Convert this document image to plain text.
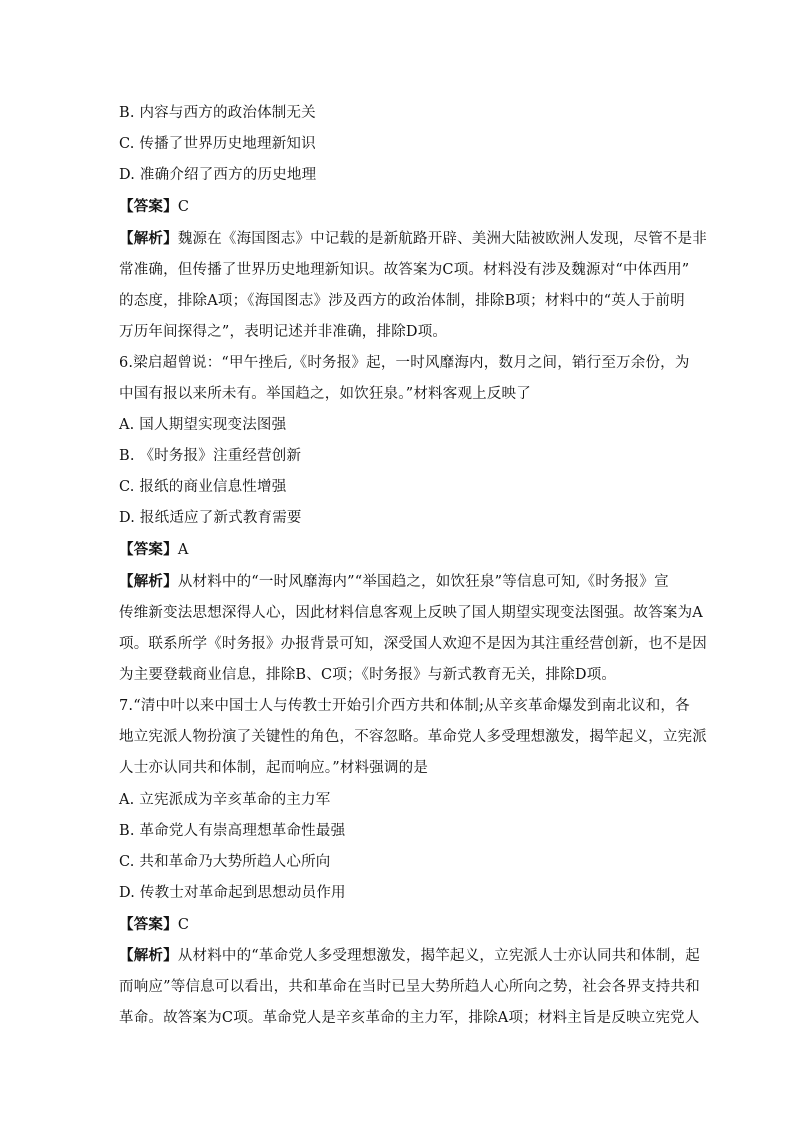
B. 内容与西方的政治体制无关
C. 传播了世界历史地理新知识
D. 准确介绍了西方的历史地理
【答案】C
【解析】魏源在《海国图志》中记载的是新航路开辟、美洲大陆被欧洲人发现，尽管不是非
常准确，但传播了世界历史地理新知识。故答案为C项。材料没有涉及魏源对“中体西用”
的态度，排除A项；《海国图志》涉及西方的政治体制，排除B项；材料中的“英人于前明
万历年间探得之”，表明记述并非准确，排除D项。
6.梁启超曾说：“甲午挫后,《时务报》起，一时风靡海内，数月之间，销行至万余份，为
中国有报以来所未有。举国趋之，如饮狂泉。”材料客观上反映了
A. 国人期望实现变法图强
B. 《时务报》注重经营创新
C. 报纸的商业信息性增强
D. 报纸适应了新式教育需要
【答案】A
【解析】从材料中的“一时风靡海内”“举国趋之，如饮狂泉”等信息可知,《时务报》宣
传维新变法思想深得人心，因此材料信息客观上反映了国人期望实现变法图强。故答案为A
项。联系所学《时务报》办报背景可知，深受国人欢迎不是因为其注重经营创新，也不是因
为主要登载商业信息，排除B、C项；《时务报》与新式教育无关，排除D项。
7.“清中叶以来中国士人与传教士开始引介西方共和体制;从辛亥革命爆发到南北议和，各
地立宪派人物扮演了关键性的角色，不容忽略。革命党人多受理想激发，揭竿起义，立宪派
人士亦认同共和体制，起而响应。”材料强调的是
A. 立宪派成为辛亥革命的主力军
B. 革命党人有崇高理想革命性最强
C. 共和革命乃大势所趋人心所向
D. 传教士对革命起到思想动员作用
【答案】C
【解析】从材料中的“革命党人多受理想激发，揭竿起义，立宪派人士亦认同共和体制，起
而响应”等信息可以看出，共和革命在当时已呈大势所趋人心所向之势，社会各界支持共和
革命。故答案为C项。革命党人是辛亥革命的主力军，排除A项；材料主旨是反映立宪党人
